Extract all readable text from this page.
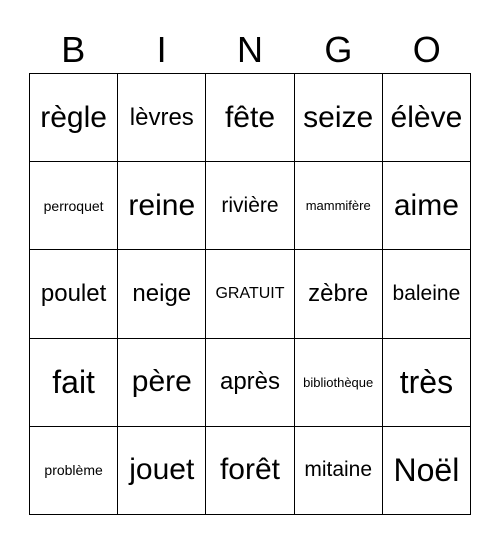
B	I	N	G	O
règle lèvres fête seize élève
perroquet reine rivière mammifère aime
poulet neige GRATUIT zèbre baleine
fait père après bibliothèque très
problème jouet forêt mitaine Noël
